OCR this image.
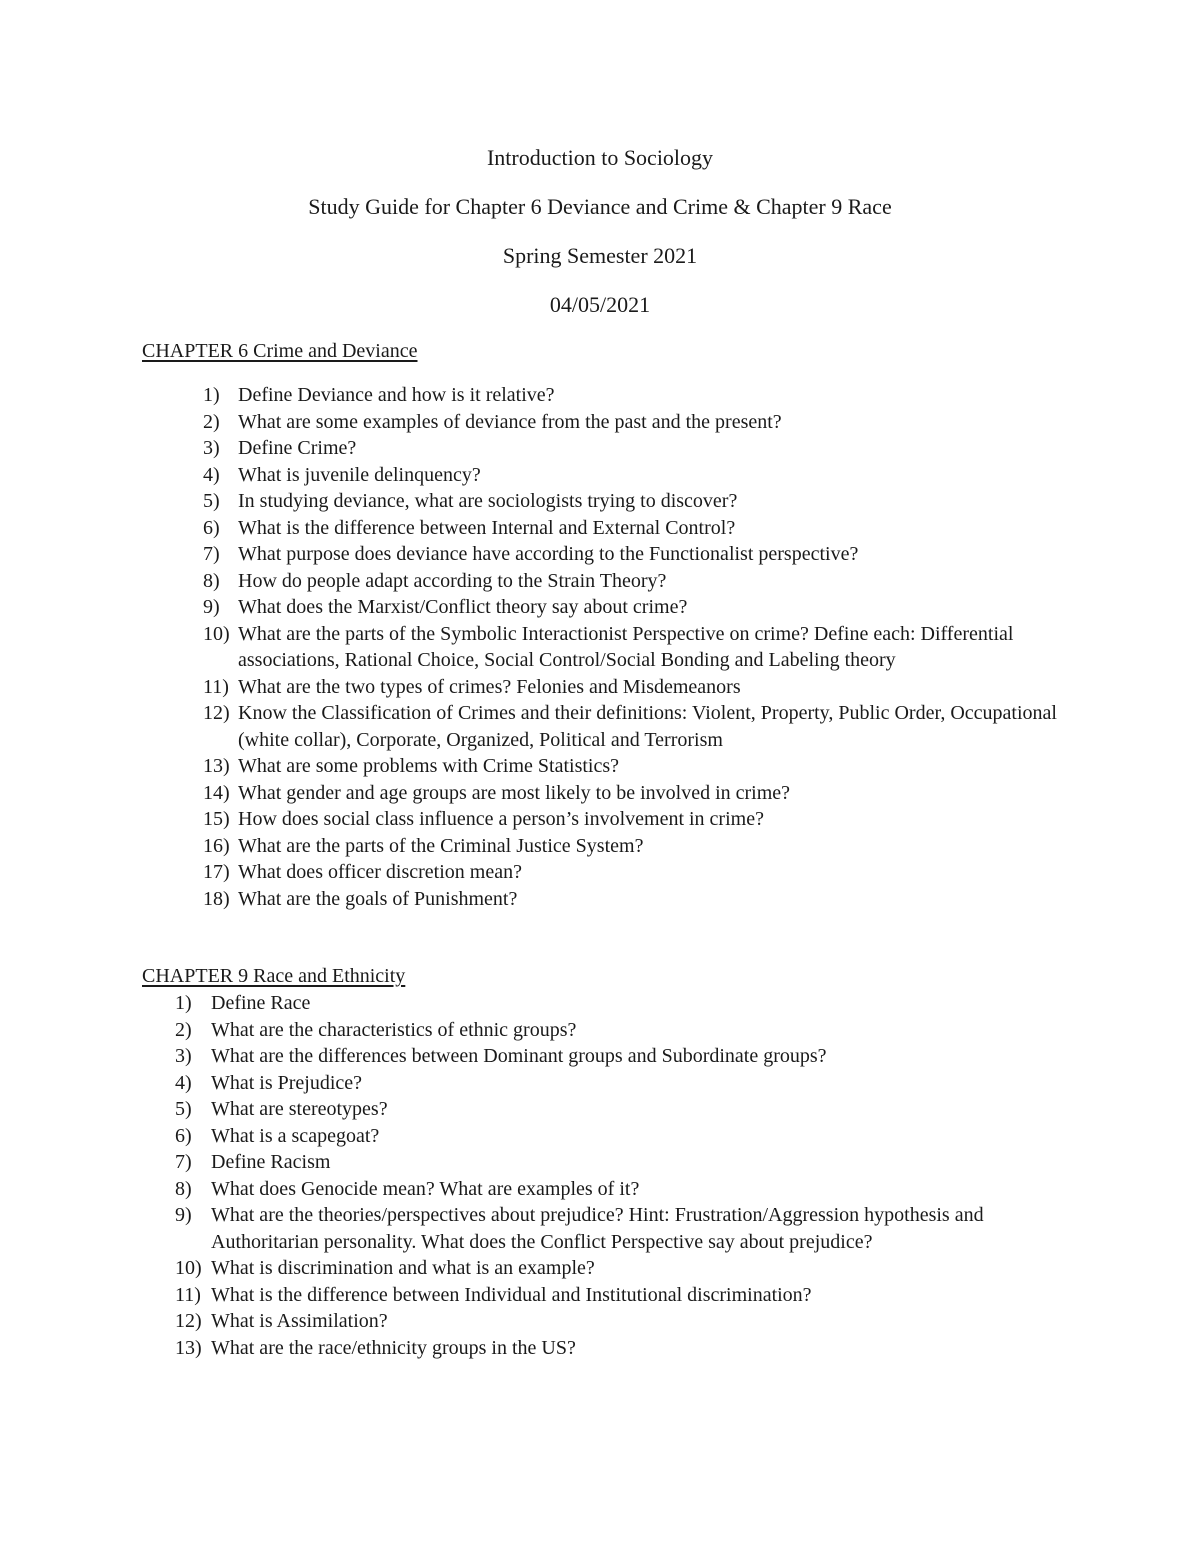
Introduction to Sociology
Study Guide for Chapter 6 Deviance and Crime & Chapter 9 Race
Spring Semester 2021
04/05/2021
CHAPTER 6 Crime and Deviance
1) Define Deviance and how is it relative?
2) What are some examples of deviance from the past and the present?
3) Define Crime?
4) What is juvenile delinquency?
5) In studying deviance, what are sociologists trying to discover?
6) What is the difference between Internal and External Control?
7) What purpose does deviance have according to the Functionalist perspective?
8) How do people adapt according to the Strain Theory?
9) What does the Marxist/Conflict theory say about crime?
10) What are the parts of the Symbolic Interactionist Perspective on crime? Define each: Differential associations, Rational Choice, Social Control/Social Bonding and Labeling theory
11) What are the two types of crimes? Felonies and Misdemeanors
12) Know the Classification of Crimes and their definitions: Violent, Property, Public Order, Occupational (white collar), Corporate, Organized, Political and Terrorism
13) What are some problems with Crime Statistics?
14) What gender and age groups are most likely to be involved in crime?
15) How does social class influence a person’s involvement in crime?
16) What are the parts of the Criminal Justice System?
17) What does officer discretion mean?
18) What are the goals of Punishment?
CHAPTER 9 Race and Ethnicity
1) Define Race
2) What are the characteristics of ethnic groups?
3) What are the differences between Dominant groups and Subordinate groups?
4) What is Prejudice?
5) What are stereotypes?
6) What is a scapegoat?
7) Define Racism
8) What does Genocide mean? What are examples of it?
9) What are the theories/perspectives about prejudice? Hint: Frustration/Aggression hypothesis and Authoritarian personality. What does the Conflict Perspective say about prejudice?
10) What is discrimination and what is an example?
11) What is the difference between Individual and Institutional discrimination?
12) What is Assimilation?
13) What are the race/ethnicity groups in the US?
